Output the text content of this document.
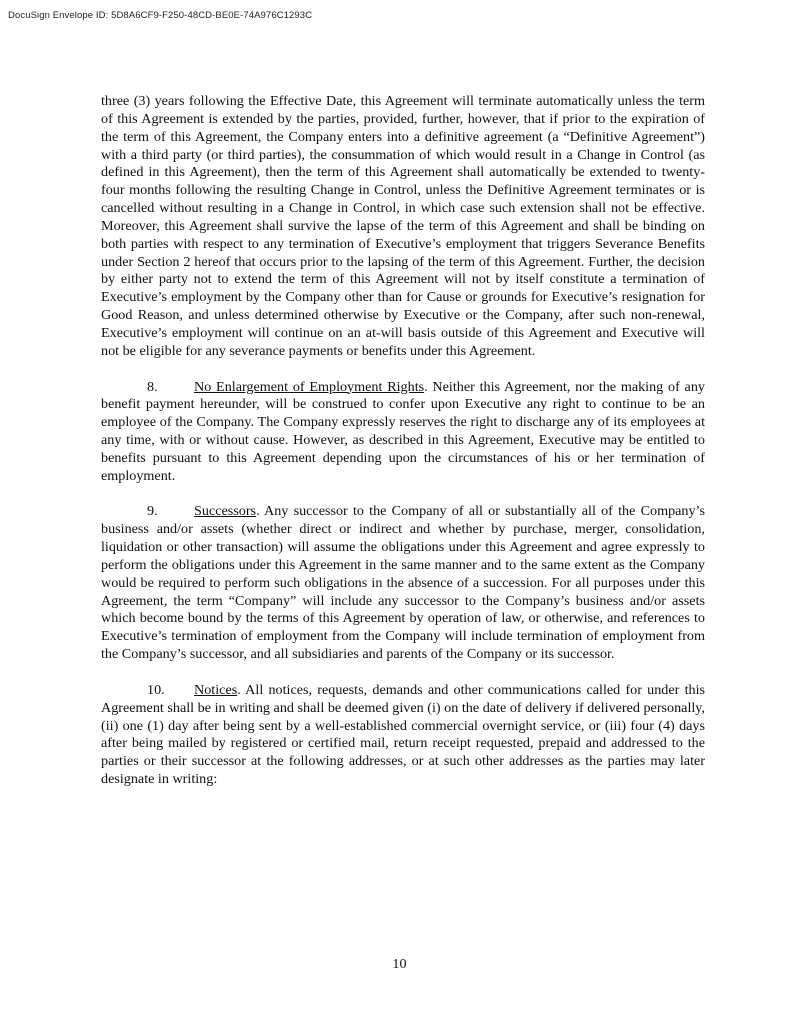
DocuSign Envelope ID: 5D8A6CF9-F250-48CD-BE0E-74A976C1293C

three (3) years following the Effective Date, this Agreement will terminate automatically unless the term of this Agreement is extended by the parties, provided, further, however, that if prior to the expiration of the term of this Agreement, the Company enters into a definitive agreement (a “Definitive Agreement”) with a third party (or third parties), the consummation of which would result in a Change in Control (as defined in this Agreement), then the term of this Agreement shall automatically be extended to twenty-four months following the resulting Change in Control, unless the Definitive Agreement terminates or is cancelled without resulting in a Change in Control, in which case such extension shall not be effective. Moreover, this Agreement shall survive the lapse of the term of this Agreement and shall be binding on both parties with respect to any termination of Executive’s employment that triggers Severance Benefits under Section 2 hereof that occurs prior to the lapsing of the term of this Agreement. Further, the decision by either party not to extend the term of this Agreement will not by itself constitute a termination of Executive’s employment by the Company other than for Cause or grounds for Executive’s resignation for Good Reason, and unless determined otherwise by Executive or the Company, after such non-renewal, Executive’s employment will continue on an at-will basis outside of this Agreement and Executive will not be eligible for any severance payments or benefits under this Agreement.

8.	No Enlargement of Employment Rights. Neither this Agreement, nor the making of any benefit payment hereunder, will be construed to confer upon Executive any right to continue to be an employee of the Company. The Company expressly reserves the right to discharge any of its employees at any time, with or without cause. However, as described in this Agreement, Executive may be entitled to benefits pursuant to this Agreement depending upon the circumstances of his or her termination of employment.

9.	Successors. Any successor to the Company of all or substantially all of the Company’s business and/or assets (whether direct or indirect and whether by purchase, merger, consolidation, liquidation or other transaction) will assume the obligations under this Agreement and agree expressly to perform the obligations under this Agreement in the same manner and to the same extent as the Company would be required to perform such obligations in the absence of a succession. For all purposes under this Agreement, the term “Company” will include any successor to the Company’s business and/or assets which become bound by the terms of this Agreement by operation of law, or otherwise, and references to Executive’s termination of employment from the Company will include termination of employment from the Company’s successor, and all subsidiaries and parents of the Company or its successor.

10. Notices. All notices, requests, demands and other communications called for under this Agreement shall be in writing and shall be deemed given (i) on the date of delivery if delivered personally, (ii) one (1) day after being sent by a well-established commercial overnight service, or (iii) four (4) days after being mailed by registered or certified mail, return receipt requested, prepaid and addressed to the parties or their successor at the following addresses, or at such other addresses as the parties may later designate in writing:

10
